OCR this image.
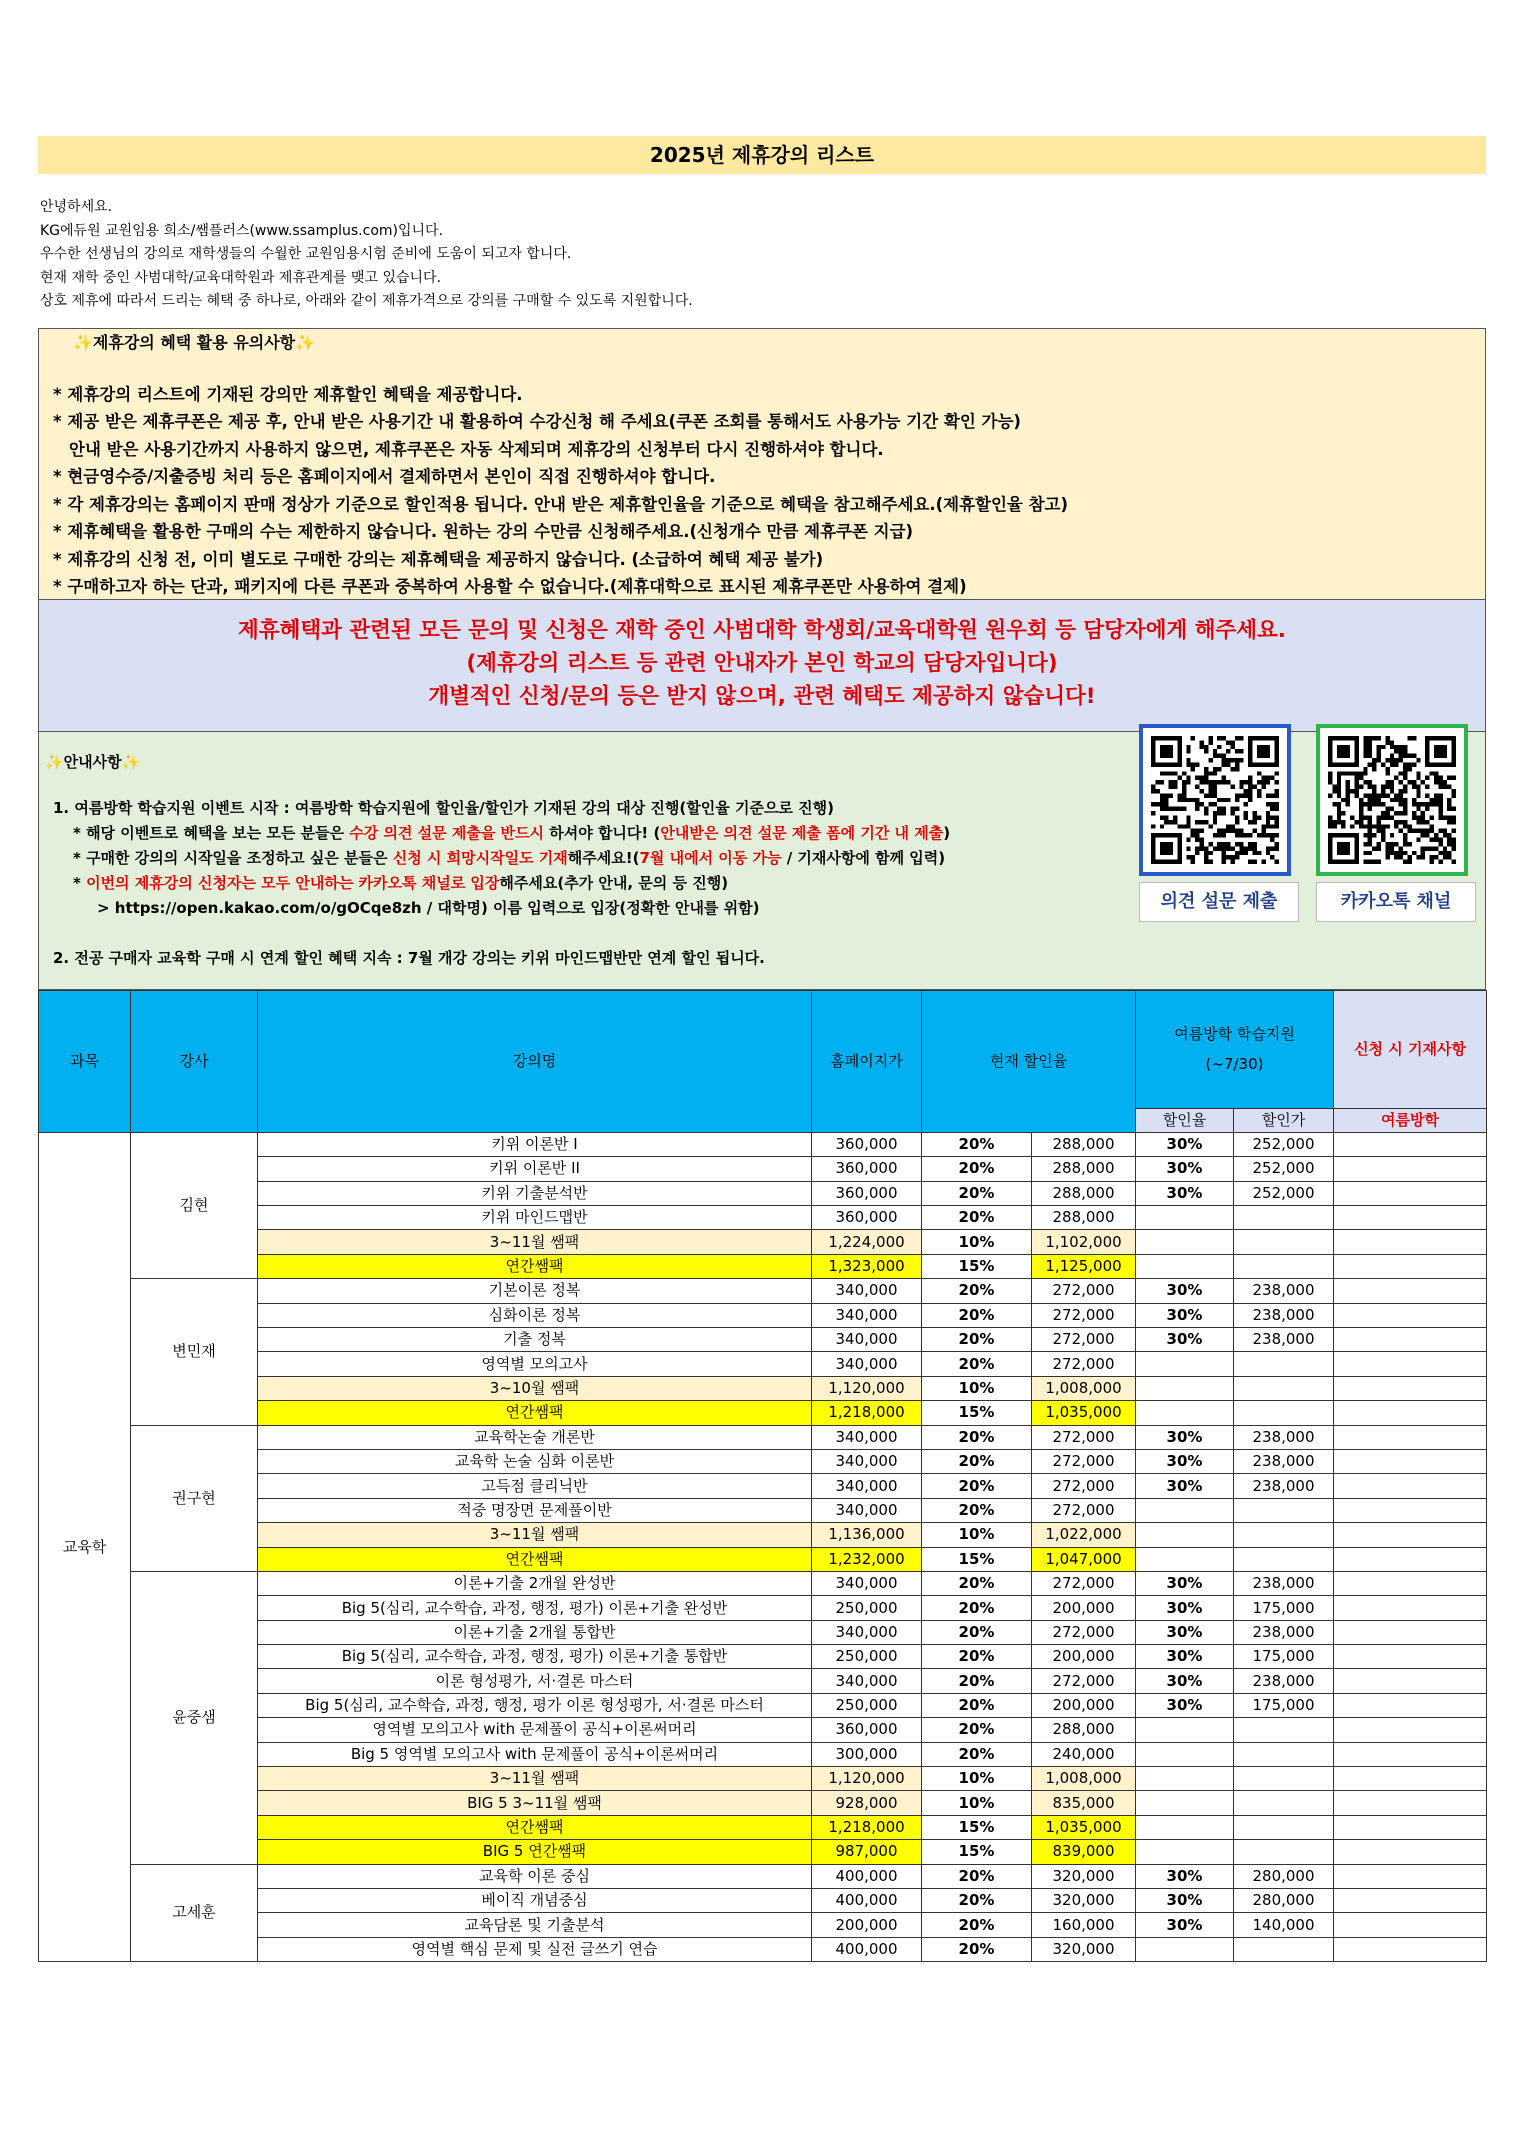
2025년 제휴강의 리스트
안녕하세요.
KG에듀원 교원임용 희소/쌤플러스(www.ssamplus.com)입니다.
우수한 선생님의 강의로 재학생들의 수월한 교원임용시험 준비에 도움이 되고자 합니다.
현재 재학 중인 사범대학/교육대학원과 제휴관계를 맺고 있습니다.
상호 제휴에 따라서 드리는 혜택 중 하나로, 아래와 같이 제휴가격으로 강의를 구매할 수 있도록 지원합니다.
✨제휴강의 혜택 활용 유의사항✨
* 제휴강의 리스트에 기재된 강의만 제휴할인 혜택을 제공합니다.
* 제공 받은 제휴쿠폰은 제공 후, 안내 받은 사용기간 내 활용하여 수강신청 해 주세요(쿠폰 조회를 통해서도 사용가능 기간 확인 가능)
안내 받은 사용기간까지 사용하지 않으면, 제휴쿠폰은 자동 삭제되며 제휴강의 신청부터 다시 진행하셔야 합니다.
* 현금영수증/지출증빙 처리 등은 홈페이지에서 결제하면서 본인이 직접 진행하셔야 합니다.
* 각 제휴강의는 홈페이지 판매 정상가 기준으로 할인적용 됩니다. 안내 받은 제휴할인율을 기준으로 혜택을 참고해주세요.(제휴할인율 참고)
* 제휴혜택을 활용한 구매의 수는 제한하지 않습니다. 원하는 강의 수만큼 신청해주세요.(신청개수 만큼 제휴쿠폰 지급)
* 제휴강의 신청 전, 이미 별도로 구매한 강의는 제휴혜택을 제공하지 않습니다. (소급하여 혜택 제공 불가)
* 구매하고자 하는 단과, 패키지에 다른 쿠폰과 중복하여 사용할 수 없습니다.(제휴대학으로 표시된 제휴쿠폰만 사용하여 결제)
제휴혜택과 관련된 모든 문의 및 신청은 재학 중인 사범대학 학생회/교육대학원 원우회 등 담당자에게 해주세요.
(제휴강의 리스트 등 관련 안내자가 본인 학교의 담당자입니다)
개별적인 신청/문의 등은 받지 않으며, 관련 혜택도 제공하지 않습니다!
✨안내사항✨
1. 여름방학 학습지원 이벤트 시작 : 여름방학 학습지원에 할인율/할인가 기재된 강의 대상 진행(할인율 기준으로 진행)
* 해당 이벤트로 혜택을 보는 모든 분들은 수강 의견 설문 제출을 반드시 하셔야 합니다! (안내받은 의견 설문 제출 폼에 기간 내 제출)
* 구매한 강의의 시작일을 조정하고 싶은 분들은 신청 시 희망시작일도 기재해주세요!(7월 내에서 이동 가능 / 기재사항에 함께 입력)
* 이번의 제휴강의 신청자는 모두 안내하는 카카오톡 채널로 입장해주세요(추가 안내, 문의 등 진행)
> https://open.kakao.com/o/gOCqe8zh / 대학명) 이름 입력으로 입장(정확한 안내를 위함)
2. 전공 구매자 교육학 구매 시 연계 할인 혜택 지속 : 7월 개강 강의는 키위 마인드맵반만 연계 할인 됩니다.
의견 설문 제출	카카오톡 채널
과목	강사	강의명	홈페이지가	현재 할인율		여름방학 학습지원
(~7/30)		신청 시 기재사항
						할인율	할인가	여름방학
교육학	김현	키위 이론반 I	360,000	20%	288,000	30%	252,000	
		키위 이론반 II	360,000	20%	288,000	30%	252,000	
		키위 기출분석반	360,000	20%	288,000	30%	252,000	
		키위 마인드맵반	360,000	20%	288,000			
		3~11월 쌤팩	1,224,000	10%	1,102,000			
		연간쌤팩	1,323,000	15%	1,125,000			
	변민재	기본이론 정복	340,000	20%	272,000	30%	238,000	
		심화이론 정복	340,000	20%	272,000	30%	238,000	
		기출 정복	340,000	20%	272,000	30%	238,000	
		영역별 모의고사	340,000	20%	272,000			
		3~10월 쌤팩	1,120,000	10%	1,008,000			
		연간쌤팩	1,218,000	15%	1,035,000			
	권구현	교육학논술 개론반	340,000	20%	272,000	30%	238,000	
		교육학 논술 심화 이론반	340,000	20%	272,000	30%	238,000	
		고득점 클리닉반	340,000	20%	272,000	30%	238,000	
		적중 명장면 문제풀이반	340,000	20%	272,000			
		3~11월 쌤팩	1,136,000	10%	1,022,000			
		연간쌤팩	1,232,000	15%	1,047,000			
	윤중샘	이론+기출 2개월 완성반	340,000	20%	272,000	30%	238,000	
		Big 5(심리, 교수학습, 과정, 행정, 평가) 이론+기출 완성반	250,000	20%	200,000	30%	175,000	
		이론+기출 2개월 통합반	340,000	20%	272,000	30%	238,000	
		Big 5(심리, 교수학습, 과정, 행정, 평가) 이론+기출 통합반	250,000	20%	200,000	30%	175,000	
		이론 형성평가, 서·결론 마스터	340,000	20%	272,000	30%	238,000	
		Big 5(심리, 교수학습, 과정, 행정, 평가 이론 형성평가, 서·결론 마스터	250,000	20%	200,000	30%	175,000	
		영역별 모의고사 with 문제풀이 공식+이론써머리	360,000	20%	288,000			
		Big 5 영역별 모의고사 with 문제풀이 공식+이론써머리	300,000	20%	240,000			
		3~11월 쌤팩	1,120,000	10%	1,008,000			
		BIG 5 3~11월 쌤팩	928,000	10%	835,000			
		연간쌤팩	1,218,000	15%	1,035,000			
		BIG 5 연간쌤팩	987,000	15%	839,000			
	고세훈	교육학 이론 중심	400,000	20%	320,000	30%	280,000	
		베이직 개념중심	400,000	20%	320,000	30%	280,000	
		교육담론 및 기출분석	200,000	20%	160,000	30%	140,000	
		영역별 핵심 문제 및 실전 글쓰기 연습	400,000	20%	320,000			
